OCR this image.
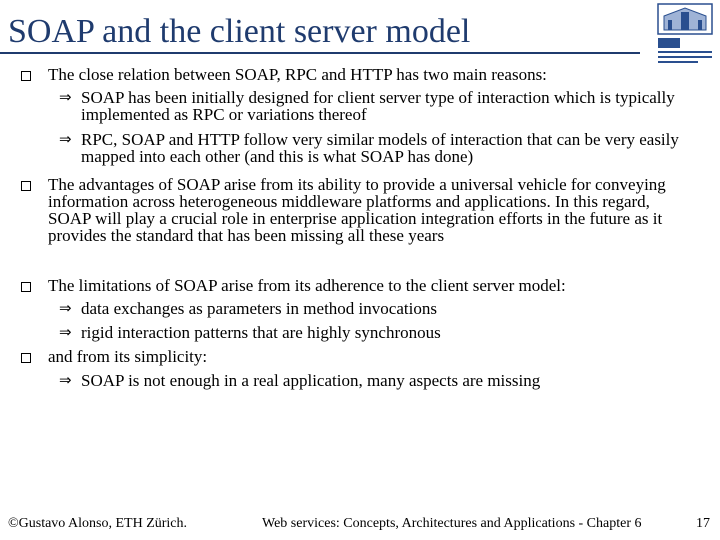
SOAP and the client server model
The close relation between SOAP, RPC and HTTP has two main reasons:
⇒ SOAP has been initially designed for client server type of interaction which is typically implemented as RPC or variations thereof
⇒ RPC, SOAP and HTTP follow very similar models of interaction that can be very easily mapped into each other (and this is what SOAP has done)
The advantages of SOAP arise from its ability to provide a universal vehicle for conveying information across heterogeneous middleware platforms and applications. In this regard, SOAP will play a crucial role in enterprise application integration efforts in the future as it provides the standard that has been missing all these years
The limitations of SOAP arise from its adherence to the client server model:
⇒ data exchanges as parameters in method invocations
⇒ rigid interaction patterns that are highly synchronous
and from its simplicity:
⇒ SOAP is not enough in a real application, many aspects are missing
©Gustavo Alonso, ETH Zürich.	Web services: Concepts, Architectures and Applications - Chapter 6	17
